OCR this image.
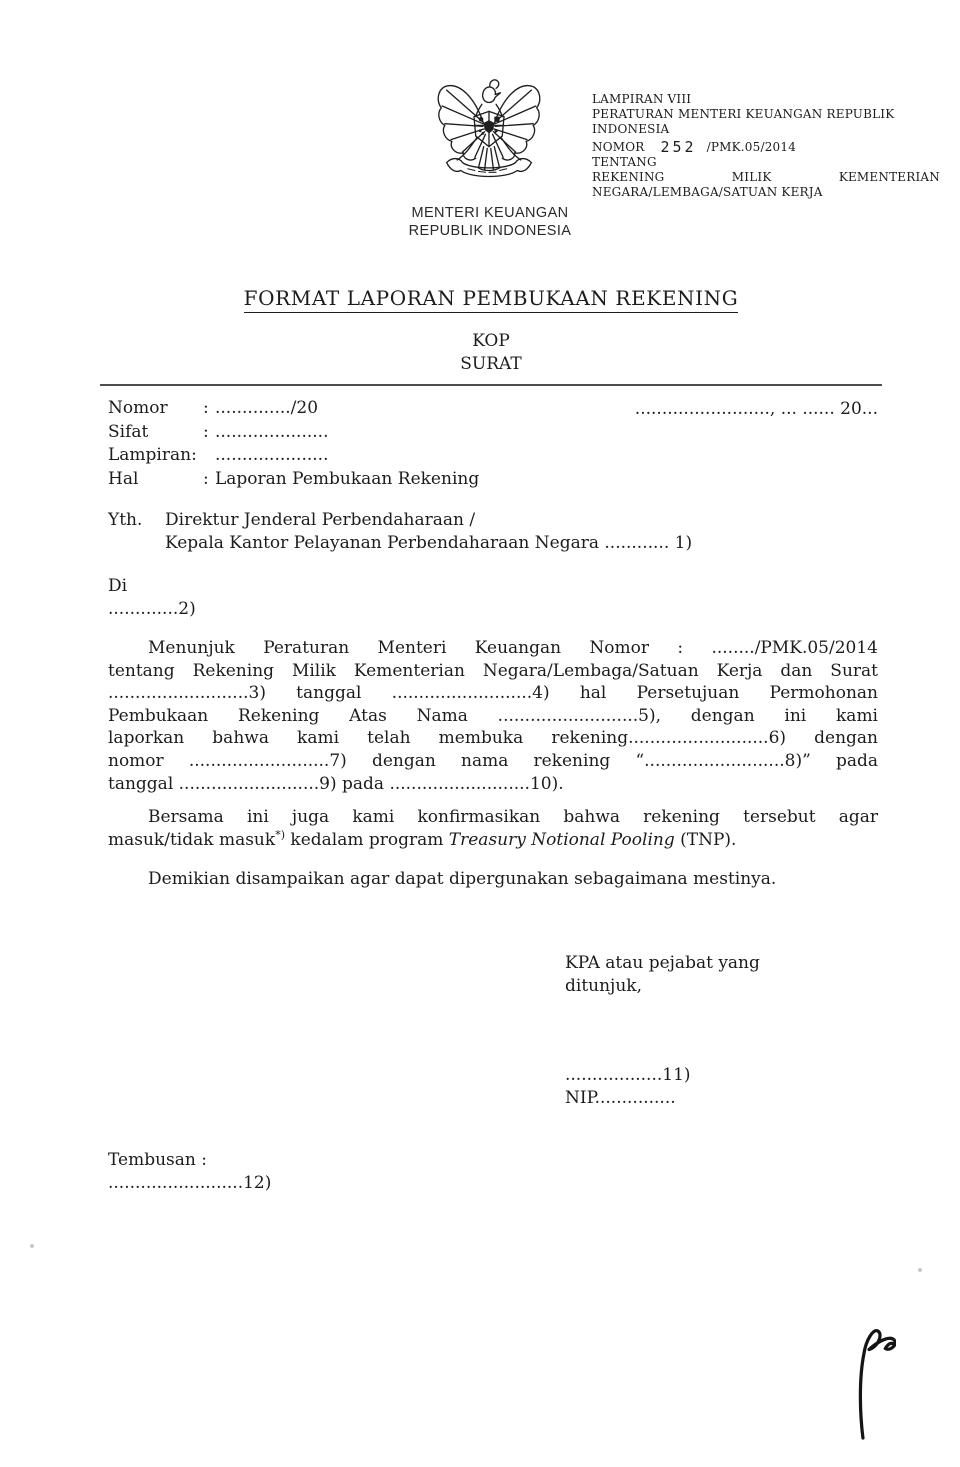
LAMPIRAN VIII
PERATURAN MENTERI KEUANGAN REPUBLIK INDONESIA
NOMOR 252 /PMK.05/2014
TENTANG
REKENING	MILIK	KEMENTERIAN
NEGARA/LEMBAGA/SATUAN KERJA
MENTERI KEUANGAN
REPUBLIK INDONESIA
FORMAT LAPORAN PEMBUKAAN REKENING
KOP
SURAT
........................., ... ...... 20...
Nomor	: ............../20
Sifat	: .....................
Lampiran:	.....................
Hal	: Laporan Pembukaan Rekening
Yth.	Direktur Jenderal Perbendaharaan /
Kepala Kantor Pelayanan Perbendaharaan Negara ............ 1)
Di
.............2)
Menunjuk Peraturan Menteri Keuangan Nomor : ......../PMK.05/2014
tentang Rekening Milik Kementerian Negara/Lembaga/Satuan Kerja dan Surat
..........................3) tanggal ..........................4) hal Persetujuan Permohonan
Pembukaan Rekening Atas Nama ..........................5), dengan ini kami
laporkan bahwa kami telah membuka rekening..........................6) dengan
nomor ..........................7) dengan nama rekening “..........................8)” pada
tanggal ..........................9) pada ..........................10).
Bersama ini juga kami konfirmasikan bahwa rekening tersebut agar
masuk/tidak masuk*) kedalam program Treasury Notional Pooling (TNP).
Demikian disampaikan agar dapat dipergunakan sebagaimana mestinya.
KPA atau pejabat yang
ditunjuk,
..................11)
NIP...............
Tembusan :
.........................12)
